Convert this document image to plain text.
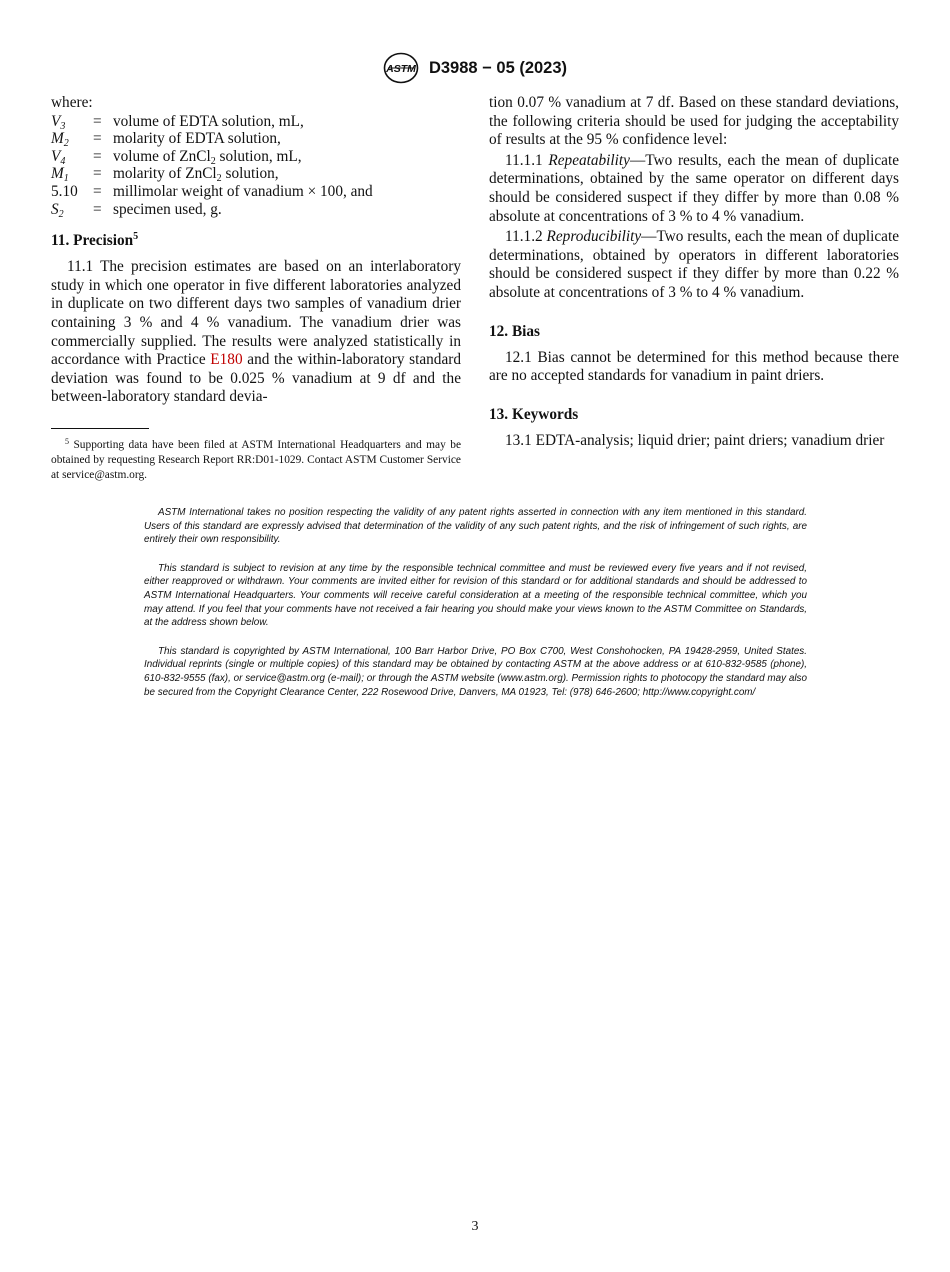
ASTM D3988 − 05 (2023)

where:

$V_3$	=	volume of EDTA solution, mL,
$M_2$	=	molarity of EDTA solution,
$V_4$	=	volume of ZnCl$_2$ solution, mL,
$M_1$	=	molarity of ZnCl$_2$ solution,
5.10	=	millimolar weight of vanadium × 100, and
$S_2$	=	specimen used, g.
11. Precision$^5$

11.1 The precision estimates are based on an interlaboratory study in which one operator in five different laboratories analyzed in duplicate on two different days two samples of vanadium drier containing 3 % and 4 % vanadium. The vanadium drier was commercially supplied. The results were analyzed statistically in accordance with Practice E180 and the within-laboratory standard deviation was found to be 0.025 % vanadium at 9 df and the between-laboratory standard devia-

$^5$ Supporting data have been filed at ASTM International Headquarters and may be obtained by requesting Research Report RR:D01-1029. Contact ASTM Customer Service at service@astm.org.

tion 0.07 % vanadium at 7 df. Based on these standard deviations, the following criteria should be used for judging the acceptability of results at the 95 % confidence level:

11.1.1 Repeatability—Two results, each the mean of duplicate determinations, obtained by the same operator on different days should be considered suspect if they differ by more than 0.08 % absolute at concentrations of 3 % to 4 % vanadium.

11.1.2 Reproducibility—Two results, each the mean of duplicate determinations, obtained by operators in different laboratories should be considered suspect if they differ by more than 0.22 % absolute at concentrations of 3 % to 4 % vanadium.

12. Bias

12.1 Bias cannot be determined for this method because there are no accepted standards for vanadium in paint driers.

13. Keywords

13.1 EDTA-analysis; liquid drier; paint driers; vanadium drier

ASTM International takes no position respecting the validity of any patent rights asserted in connection with any item mentioned in this standard. Users of this standard are expressly advised that determination of the validity of any such patent rights, and the risk of infringement of such rights, are entirely their own responsibility.

This standard is subject to revision at any time by the responsible technical committee and must be reviewed every five years and if not revised, either reapproved or withdrawn. Your comments are invited either for revision of this standard or for additional standards and should be addressed to ASTM International Headquarters. Your comments will receive careful consideration at a meeting of the responsible technical committee, which you may attend. If you feel that your comments have not received a fair hearing you should make your views known to the ASTM Committee on Standards, at the address shown below.

This standard is copyrighted by ASTM International, 100 Barr Harbor Drive, PO Box C700, West Conshohocken, PA 19428-2959, United States. Individual reprints (single or multiple copies) of this standard may be obtained by contacting ASTM at the above address or at 610-832-9585 (phone), 610-832-9555 (fax), or service@astm.org (e-mail); or through the ASTM website (www.astm.org). Permission rights to photocopy the standard may also be secured from the Copyright Clearance Center, 222 Rosewood Drive, Danvers, MA 01923, Tel: (978) 646-2600; http://www.copyright.com/

3
